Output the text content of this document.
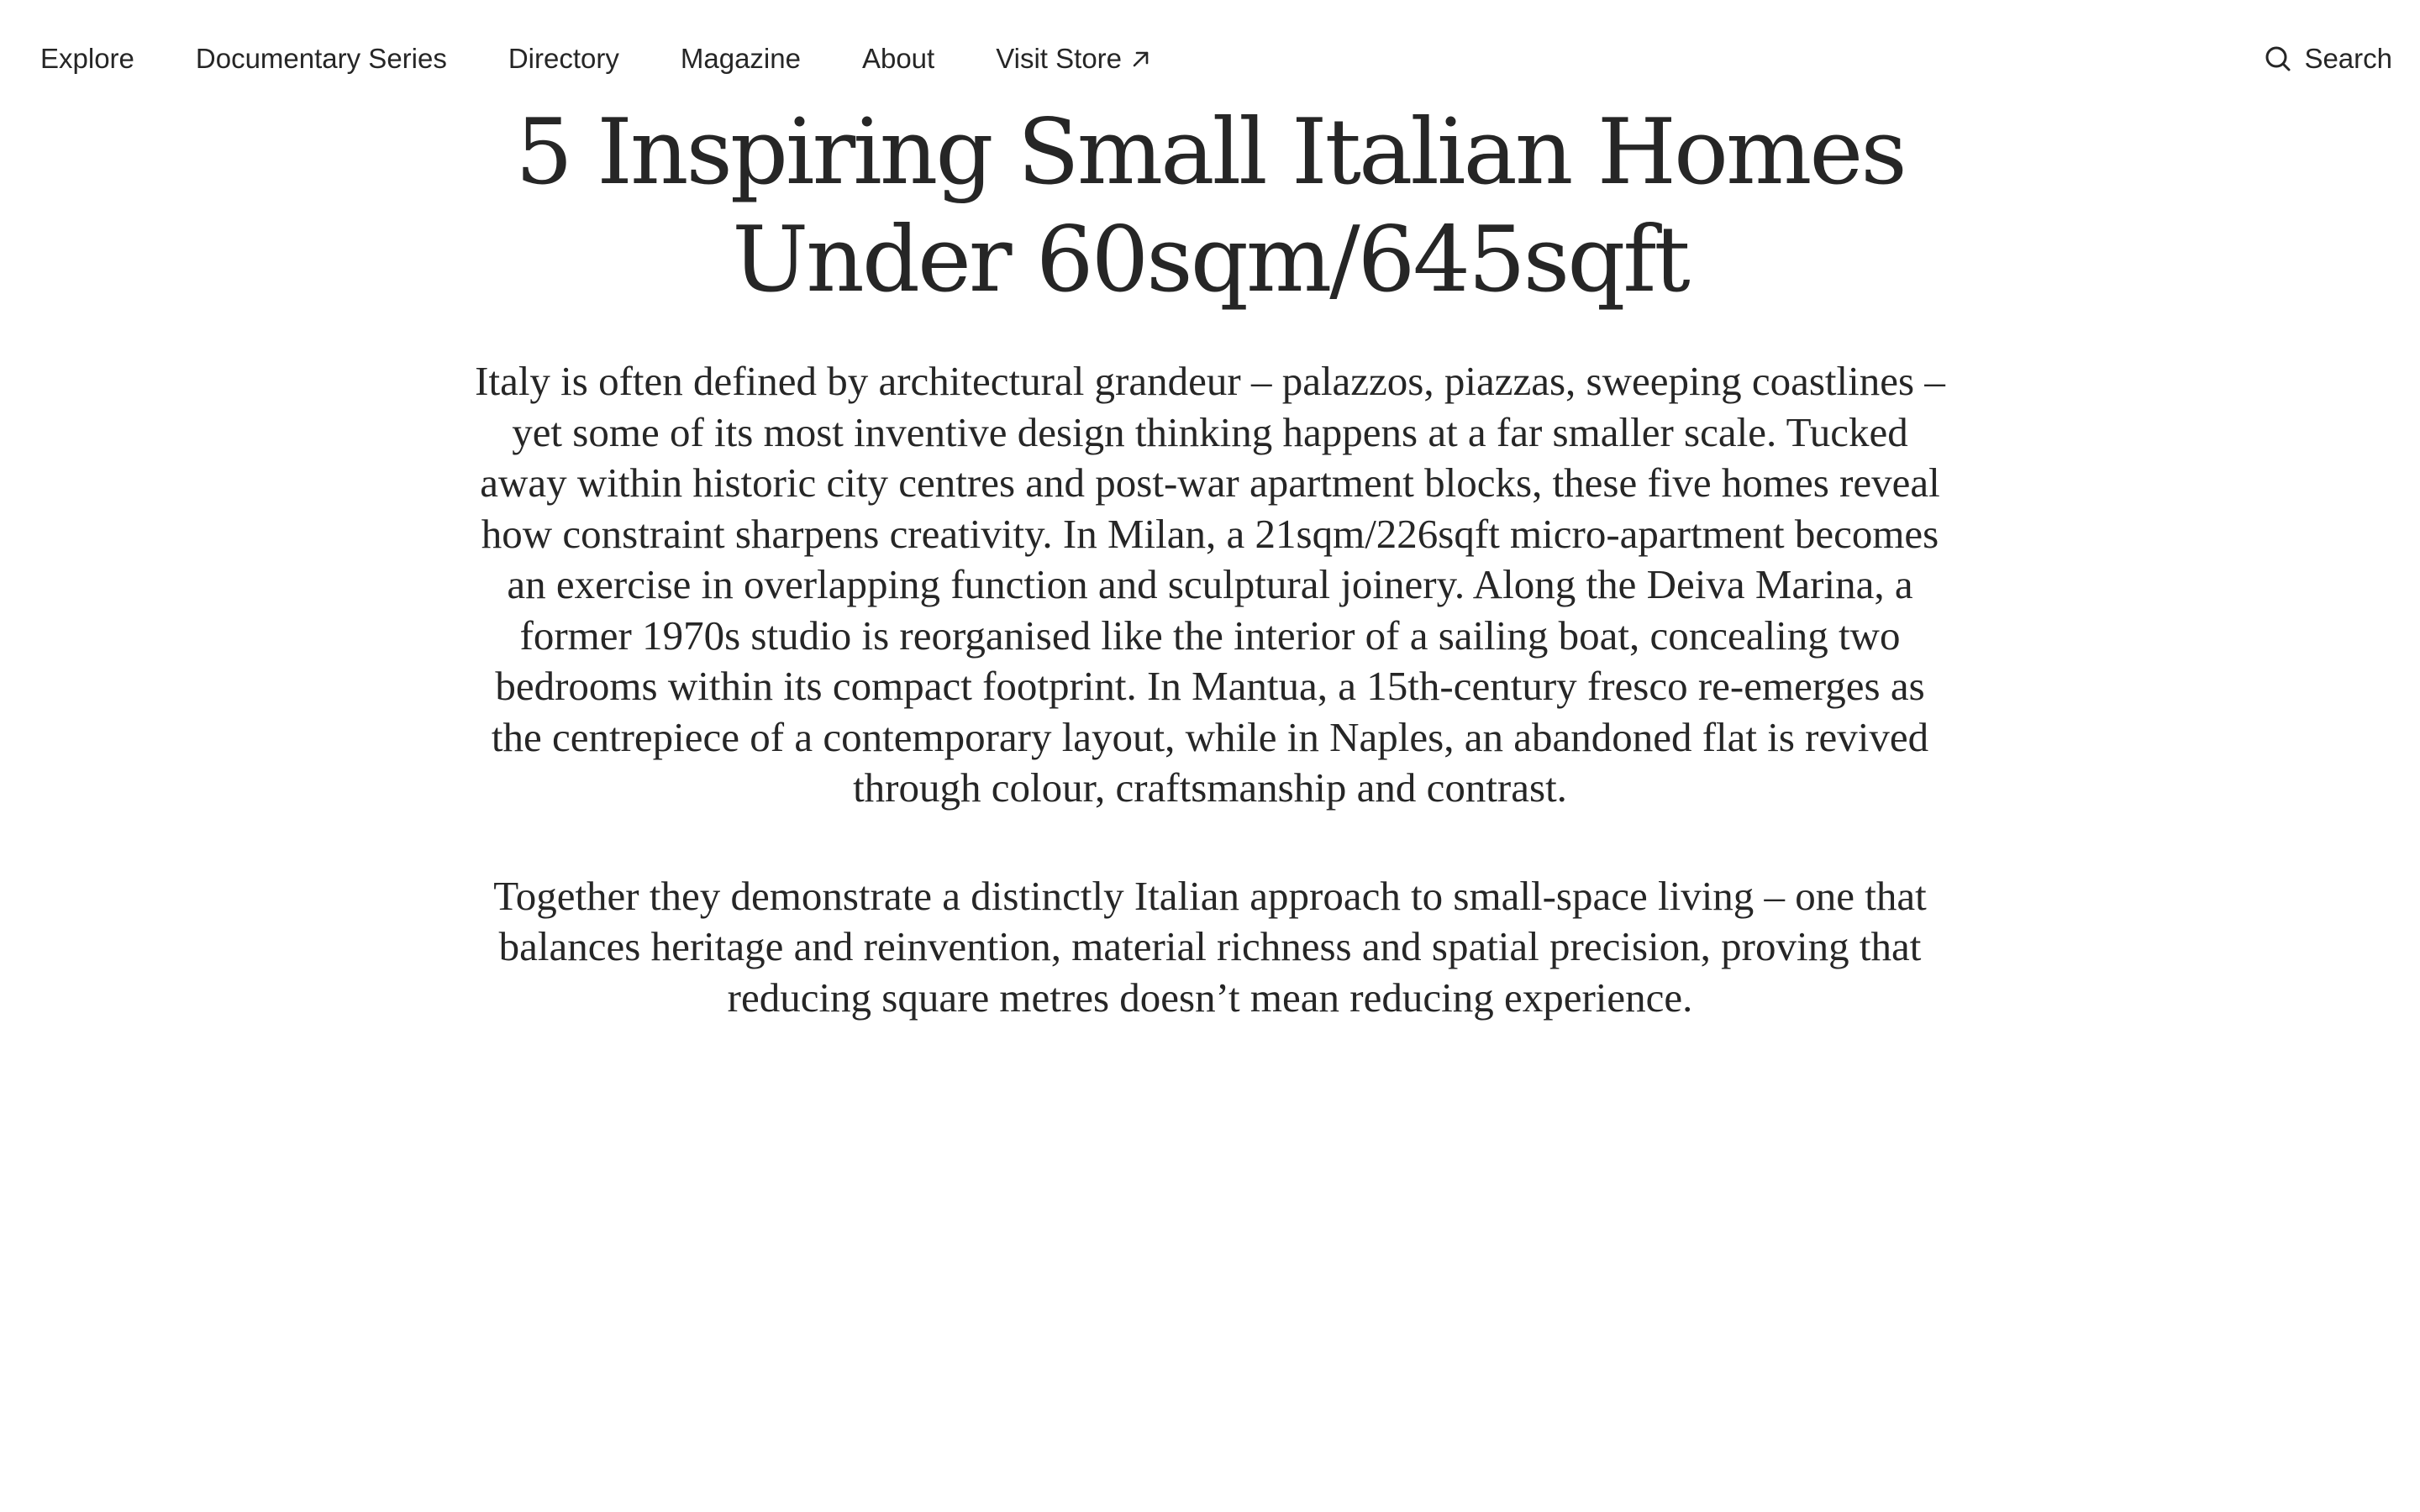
Explore Documentary Series Directory Magazine About Visit Store	Search
5 Inspiring Small Italian Homes Under 60sqm/645sqft

Italy is often defined by architectural grandeur – palazzos, piazzas, sweeping coastlines – yet some of its most inventive design thinking happens at a far smaller scale. Tucked away within historic city centres and post-war apartment blocks, these five homes reveal how constraint sharpens creativity. In Milan, a 21sqm/226sqft micro-apartment becomes an exercise in overlapping function and sculptural joinery. Along the Deiva Marina, a former 1970s studio is reorganised like the interior of a sailing boat, concealing two bedrooms within its compact footprint. In Mantua, a 15th-century fresco re-emerges as the centrepiece of a contemporary layout, while in Naples, an abandoned flat is revived through colour, craftsmanship and contrast.

Together they demonstrate a distinctly Italian approach to small-space living – one that balances heritage and reinvention, material richness and spatial precision, proving that reducing square metres doesn’t mean reducing experience.
